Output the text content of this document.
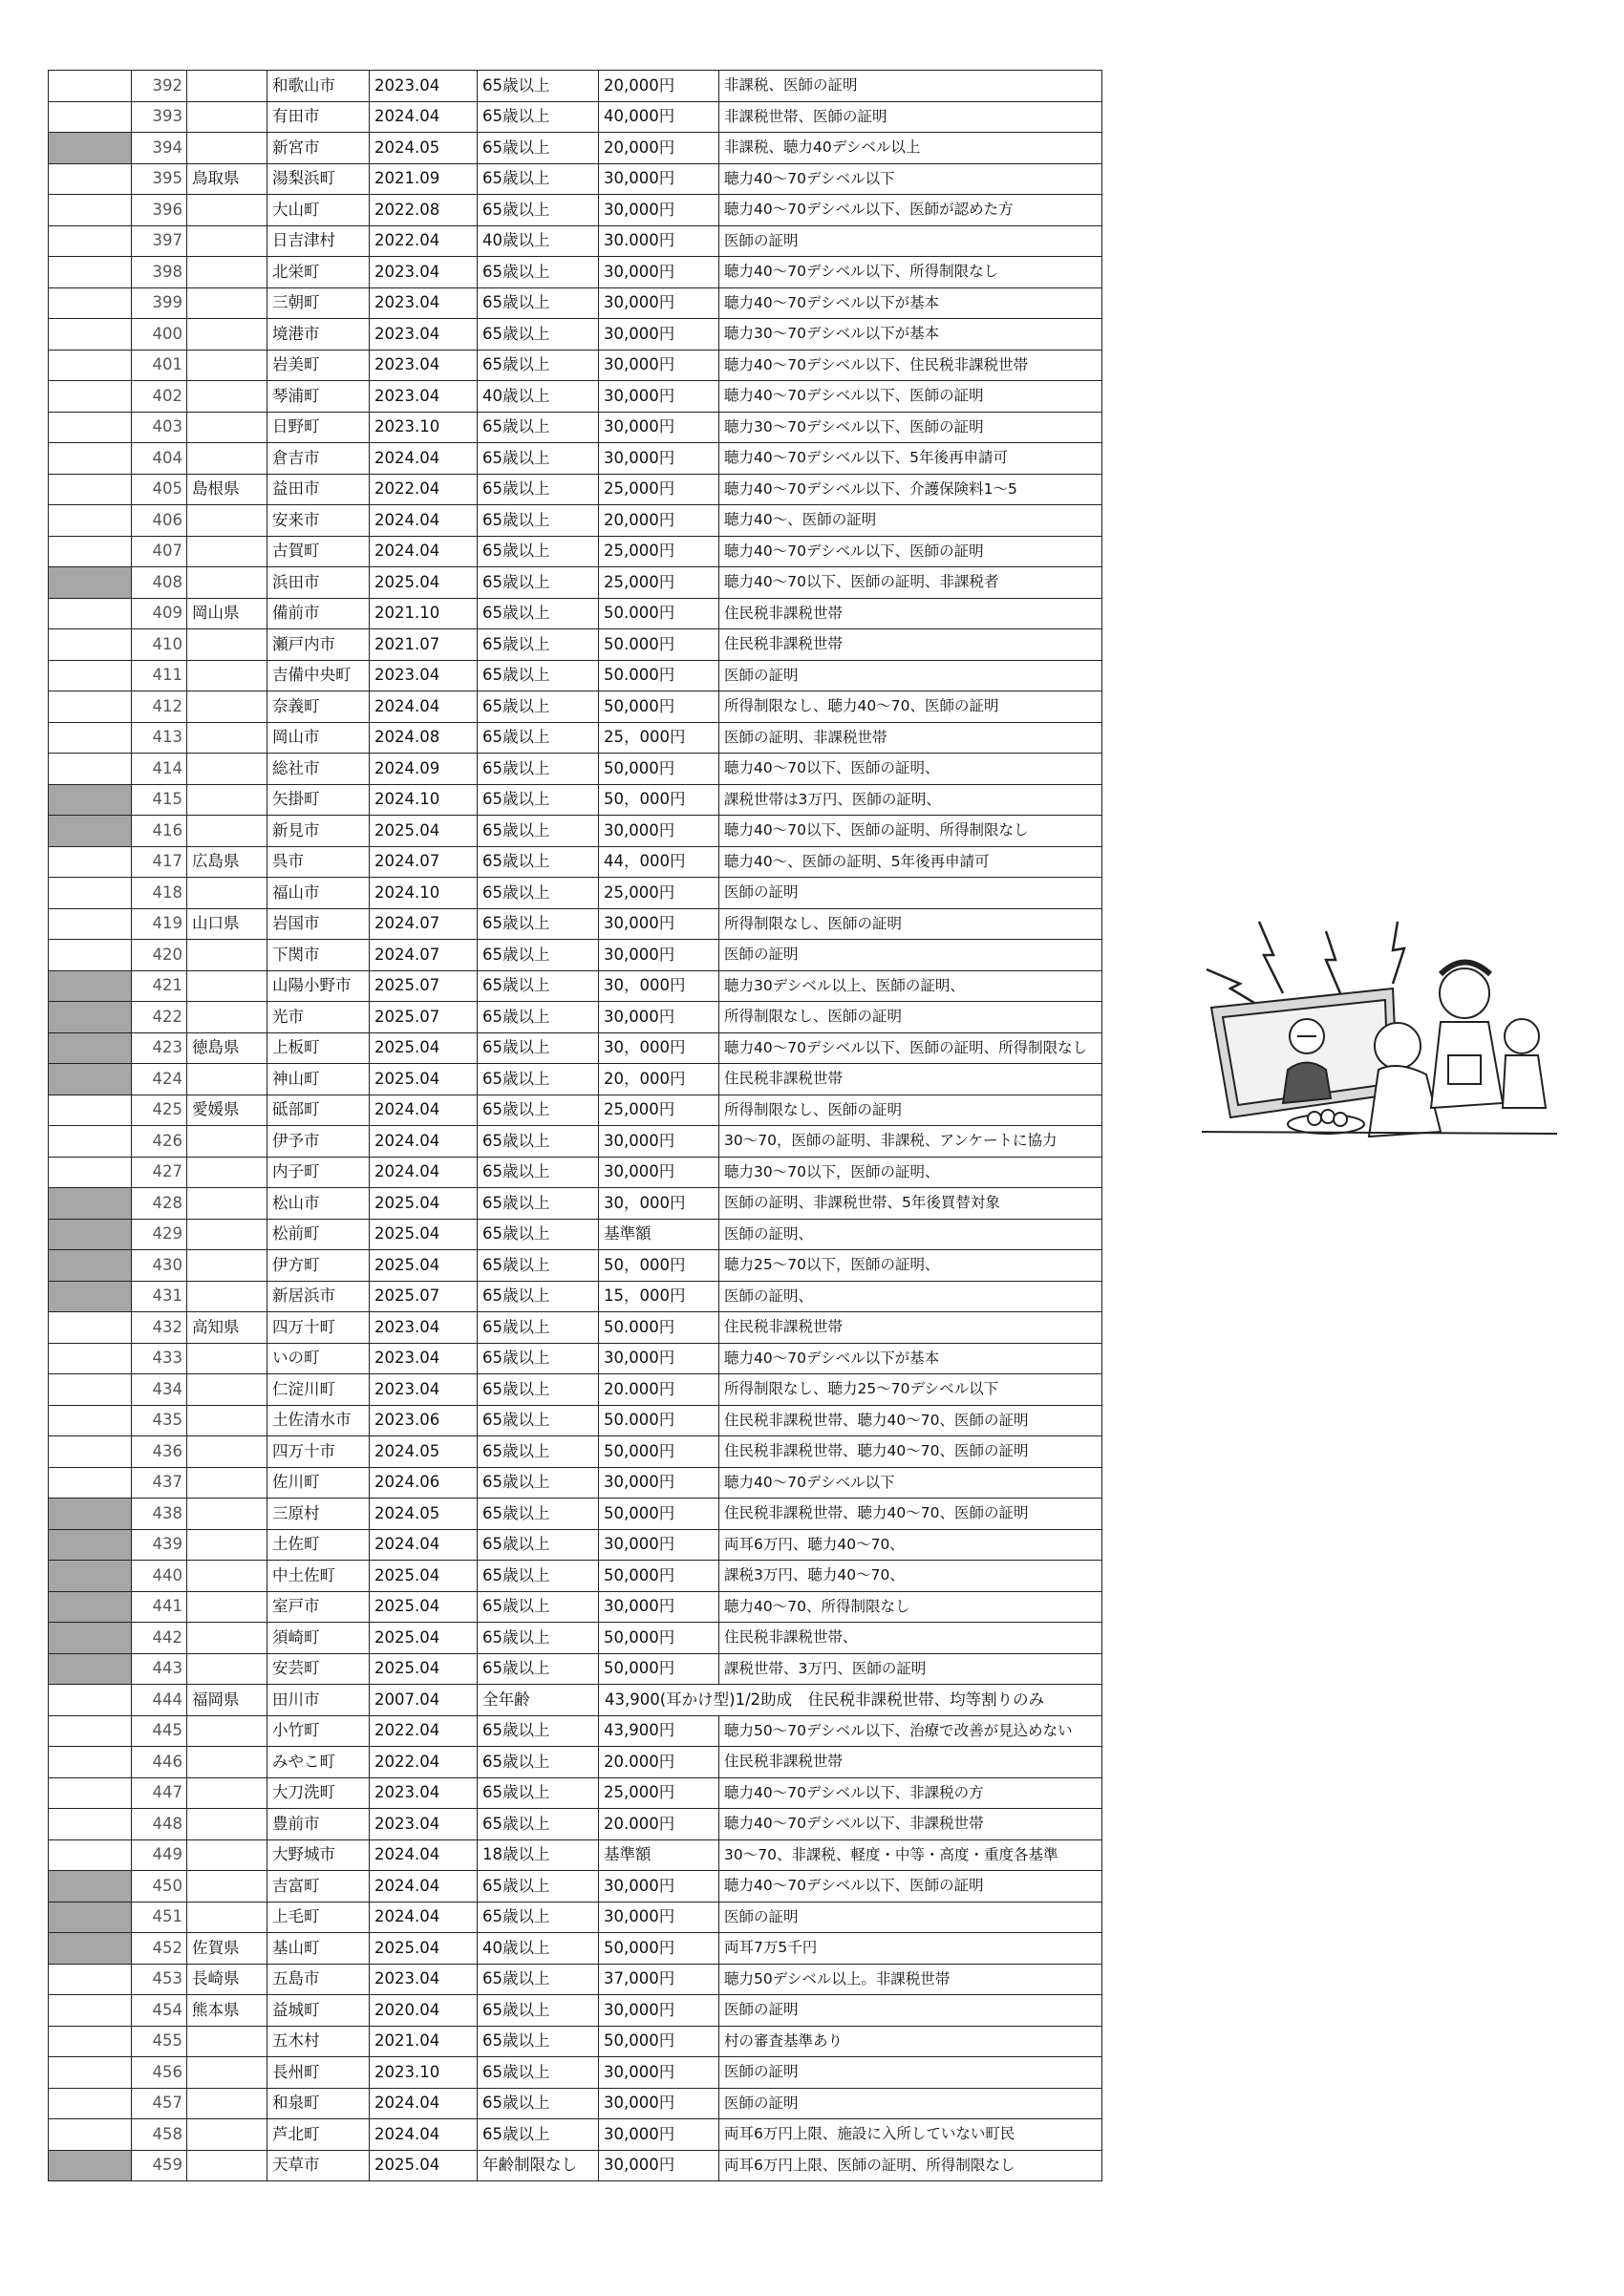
	392		和歌山市	2023.04	65歳以上	20,000円	非課税、医師の証明
	393		有田市	2024.04	65歳以上	40,000円	非課税世帯、医師の証明
	394		新宮市	2024.05	65歳以上	20,000円	非課税、聴力40デシベル以上
	395	鳥取県	湯梨浜町	2021.09	65歳以上	30,000円	聴力40～70デシベル以下
	396		大山町	2022.08	65歳以上	30,000円	聴力40～70デシベル以下、医師が認めた方
	397		日吉津村	2022.04	40歳以上	30.000円	医師の証明
	398		北栄町	2023.04	65歳以上	30,000円	聴力40～70デシベル以下、所得制限なし
	399		三朝町	2023.04	65歳以上	30,000円	聴力40～70デシベル以下が基本
	400		境港市	2023.04	65歳以上	30,000円	聴力30～70デシベル以下が基本
	401		岩美町	2023.04	65歳以上	30,000円	聴力40～70デシベル以下、住民税非課税世帯
	402		琴浦町	2023.04	40歳以上	30,000円	聴力40～70デシベル以下、医師の証明
	403		日野町	2023.10	65歳以上	30,000円	聴力30～70デシベル以下、医師の証明
	404		倉吉市	2024.04	65歳以上	30,000円	聴力40～70デシベル以下、5年後再申請可
	405	島根県	益田市	2022.04	65歳以上	25,000円	聴力40～70デシベル以下、介護保険料1～5
	406		安来市	2024.04	65歳以上	20,000円	聴力40～、医師の証明
	407		古賀町	2024.04	65歳以上	25,000円	聴力40～70デシベル以下、医師の証明
	408		浜田市	2025.04	65歳以上	25,000円	聴力40～70以下、医師の証明、非課税者
	409	岡山県	備前市	2021.10	65歳以上	50.000円	住民税非課税世帯
	410		瀬戸内市	2021.07	65歳以上	50.000円	住民税非課税世帯
	411		吉備中央町	2023.04	65歳以上	50.000円	医師の証明
	412		奈義町	2024.04	65歳以上	50,000円	所得制限なし、聴力40～70、医師の証明
	413		岡山市	2024.08	65歳以上	25，000円	医師の証明、非課税世帯
	414		総社市	2024.09	65歳以上	50,000円	聴力40～70以下、医師の証明、
	415		矢掛町	2024.10	65歳以上	50，000円	課税世帯は3万円、医師の証明、
	416		新見市	2025.04	65歳以上	30,000円	聴力40～70以下、医師の証明、所得制限なし
	417	広島県	呉市	2024.07	65歳以上	44，000円	聴力40～、医師の証明、5年後再申請可
	418		福山市	2024.10	65歳以上	25,000円	医師の証明
	419	山口県	岩国市	2024.07	65歳以上	30,000円	所得制限なし、医師の証明
	420		下関市	2024.07	65歳以上	30,000円	医師の証明
	421		山陽小野市	2025.07	65歳以上	30，000円	聴力30デシベル以上、医師の証明、
	422		光市	2025.07	65歳以上	30,000円	所得制限なし、医師の証明
	423	徳島県	上板町	2025.04	65歳以上	30，000円	聴力40～70デシベル以下、医師の証明、所得制限なし
	424		神山町	2025.04	65歳以上	20，000円	住民税非課税世帯
	425	愛媛県	砥部町	2024.04	65歳以上	25,000円	所得制限なし、医師の証明
	426		伊予市	2024.04	65歳以上	30,000円	30～70，医師の証明、非課税、アンケートに協力
	427		内子町	2024.04	65歳以上	30,000円	聴力30～70以下，医師の証明、
	428		松山市	2025.04	65歳以上	30，000円	医師の証明、非課税世帯、5年後買替対象
	429		松前町	2025.04	65歳以上	基準額	医師の証明、
	430		伊方町	2025.04	65歳以上	50，000円	聴力25～70以下，医師の証明、
	431		新居浜市	2025.07	65歳以上	15，000円	医師の証明、
	432	高知県	四万十町	2023.04	65歳以上	50.000円	住民税非課税世帯
	433		いの町	2023.04	65歳以上	30,000円	聴力40～70デシベル以下が基本
	434		仁淀川町	2023.04	65歳以上	20.000円	所得制限なし、聴力25～70デシベル以下
	435		土佐清水市	2023.06	65歳以上	50.000円	住民税非課税世帯、聴力40～70、医師の証明
	436		四万十市	2024.05	65歳以上	50,000円	住民税非課税世帯、聴力40～70、医師の証明
	437		佐川町	2024.06	65歳以上	30,000円	聴力40～70デシベル以下
	438		三原村	2024.05	65歳以上	50,000円	住民税非課税世帯、聴力40～70、医師の証明
	439		土佐町	2024.04	65歳以上	30,000円	両耳6万円、聴力40～70、
	440		中土佐町	2025.04	65歳以上	50,000円	課税3万円、聴力40～70、
	441		室戸市	2025.04	65歳以上	30,000円	聴力40～70、所得制限なし
	442		須崎町	2025.04	65歳以上	50,000円	住民税非課税世帯、
	443		安芸町	2025.04	65歳以上	50,000円	課税世帯、3万円、医師の証明
	444	福岡県	田川市	2007.04	全年齢	43,900(耳かけ型)1/2助成　住民税非課税世帯、均等割りのみ	
	445		小竹町	2022.04	65歳以上	43,900円	聴力50～70デシベル以下、治療で改善が見込めない
	446		みやこ町	2022.04	65歳以上	20.000円	住民税非課税世帯
	447		大刀洗町	2023.04	65歳以上	25,000円	聴力40～70デシベル以下、非課税の方
	448		豊前市	2023.04	65歳以上	20.000円	聴力40～70デシベル以下、非課税世帯
	449		大野城市	2024.04	18歳以上	基準額	30～70、非課税、軽度・中等・高度・重度各基準
	450		吉富町	2024.04	65歳以上	30,000円	聴力40～70デシベル以下、医師の証明
	451		上毛町	2024.04	65歳以上	30,000円	医師の証明
	452	佐賀県	基山町	2025.04	40歳以上	50,000円	両耳7万5千円
	453	長崎県	五島市	2023.04	65歳以上	37,000円	聴力50デシベル以上。非課税世帯
	454	熊本県	益城町	2020.04	65歳以上	30,000円	医師の証明
	455		五木村	2021.04	65歳以上	50,000円	村の審査基準あり
	456		長州町	2023.10	65歳以上	30,000円	医師の証明
	457		和泉町	2024.04	65歳以上	30,000円	医師の証明
	458		芦北町	2024.04	65歳以上	30,000円	両耳6万円上限、施設に入所していない町民
	459		天草市	2025.04	年齢制限なし	30,000円	両耳6万円上限、医師の証明、所得制限なし
